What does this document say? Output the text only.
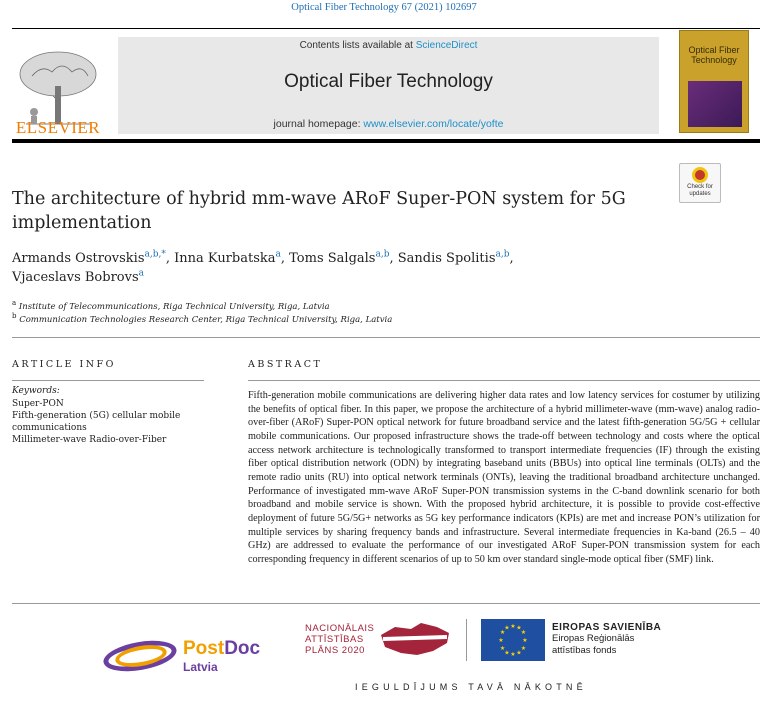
Optical Fiber Technology 67 (2021) 102697
ELSEVIER
Contents lists available at ScienceDirect
Optical Fiber Technology
journal homepage: www.elsevier.com/locate/yofte
Optical Fiber Technology
Check for
updates
The architecture of hybrid mm-wave ARoF Super-PON system for 5G implementation
Armands Ostrovskis$^{a,b,*}$, Inna Kurbatska$^a$, Toms Salgals$^{a,b}$, Sandis Spolitis$^{a,b}$,
Vjaceslavs Bobrovs$^a$
$^a$ Institute of Telecommunications, Riga Technical University, Riga, Latvia
$^b$ Communication Technologies Research Center, Riga Technical University, Riga, Latvia
ARTICLE INFO
Keywords:
Super-PON
Fifth-generation (5G) cellular mobile communications
Millimeter-wave Radio-over-Fiber
ABSTRACT
Fifth-generation mobile communications are delivering higher data rates and low latency services for costumer by utilizing the benefits of optical fiber. In this paper, we propose the architecture of a hybrid millimeter-wave (mm-wave) analog radio-over-fiber (ARoF) Super-PON optical network for future broadband service and the latest fifth-generation 5G/5G + cellular mobile communications. Our proposed infrastructure shows the trade-off between technology and costs where the optical access network architecture is technologically transformed to transport intermediate frequencies (IF) through the existing fiber optical distribution network (ODN) by integrating baseband units (BBUs) into optical line terminals (OLTs) and the remote radio units (RU) into optical network terminals (ONTs), leaving the traditional broadband architecture unchanged. Performance of investigated mm-wave ARoF Super-PON transmission systems in the C-band downlink scenario for both broadband and mobile service is shown. With the proposed hybrid architecture, it is possible to provide cost-effective deployment of future 5G/5G+ networks as 5G key performance indicators (KPIs) are met and increase PON’s utilization for multiple services by sharing frequency bands and infrastructure. Several intermediate frequencies in Ka-band (26.5 – 40 GHz) are addressed to evaluate the performance of our investigated ARoF Super-PON transmission system for each corresponding frequency in different scenarios of up to 50 km over standard single-mode optical fiber (SMF) link.
PostDoc
Latvia
NACIONĀLAIS
ATTĪSTĪBAS
PLĀNS 2020
★ ★
★
★
★
★
★
★
★
★
★
★	EIROPAS SAVIENĪBA
Eiropas Reģionālās
attīstības fonds
IEGULDĪJUMS TAVĀ NĀKOTNĒ
